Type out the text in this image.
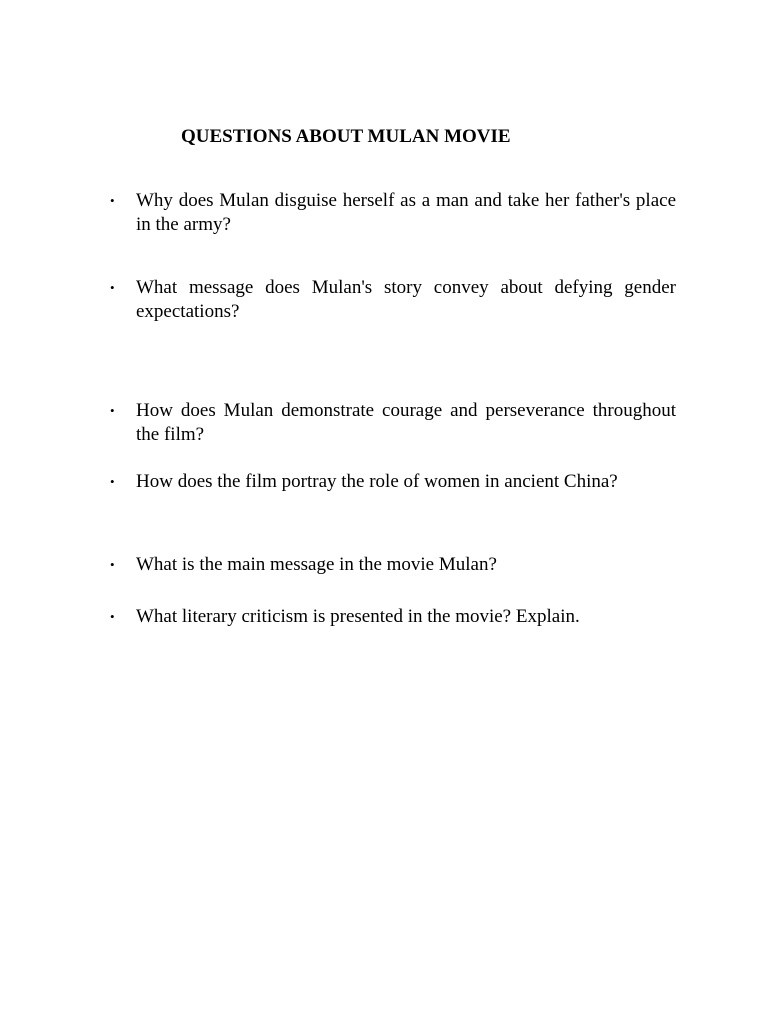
QUESTIONS ABOUT MULAN MOVIE
•	Why does Mulan disguise herself as a man and take her father's place in the army?
•	What message does Mulan's story convey about defying gender expectations?
•	How does Mulan demonstrate courage and perseverance throughout the film?
•	How does the film portray the role of women in ancient China?
•	What is the main message in the movie Mulan?
•	What literary criticism is presented in the movie? Explain.
